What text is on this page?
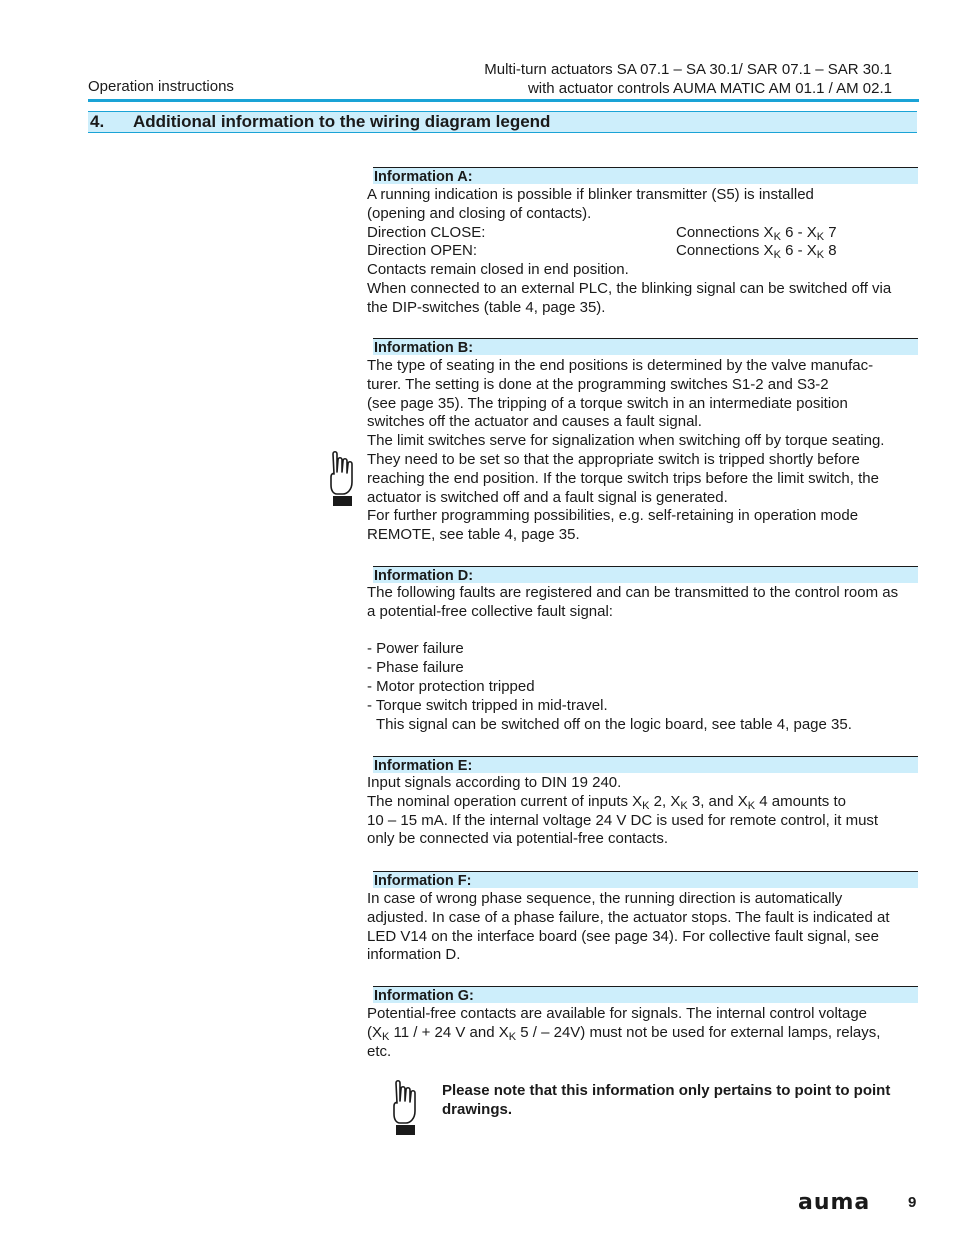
Operation instructions
Multi-turn actuators SA 07.1 – SA 30.1/ SAR 07.1 – SAR 30.1
with actuator controls AUMA MATIC AM 01.1 / AM 02.1
4. Additional information to the wiring diagram legend
Information A:

A running indication is possible if blinker transmitter (S5) is installed

(opening and closing of contacts).

Direction CLOSE:	Connections $X_K$ $6 - X_K$ 7
Direction OPEN:	Connections $X_K$ $6 - X_K$ 8

Contacts remain closed in end position.

When connected to an external PLC, the blinking signal can be switched off via

the DIP-switches (table 4, page 35).

Information B:

The type of seating in the end positions is determined by the valve manufac-

turer. The setting is done at the programming switches S1-2 and S3-2

(see page 35). The tripping of a torque switch in an intermediate position

switches off the actuator and causes a fault signal.

The limit switches serve for signalization when switching off by torque seating.

They need to be set so that the appropriate switch is tripped shortly before

reaching the end position. If the torque switch trips before the limit switch, the

actuator is switched off and a fault signal is generated.

For further programming possibilities, e.g. self-retaining in operation mode

REMOTE, see table 4, page 35.

Information D:

The following faults are registered and can be transmitted to the control room as

a potential-free collective fault signal:

- Power failure

- Phase failure

- Motor protection tripped

- Torque switch tripped in mid-travel.

This signal can be switched off on the logic board, see table 4, page 35.

Information E:

Input signals according to DIN 19 240.

The nominal operation current of inputs $X_K$ 2, $X_K$ 3, and $X_K$ 4 amounts to

10 – 15 mA. If the internal voltage 24 V DC is used for remote control, it must

only be connected via potential-free contacts.

Information F:

In case of wrong phase sequence, the running direction is automatically

adjusted. In case of a phase failure, the actuator stops. The fault is indicated at

LED V14 on the interface board (see page 34). For collective fault signal, see

information D.

Information G:

Potential-free contacts are available for signals. The internal control voltage

($X_K$ 11 / + 24 V and $X_K$ 5 / – 24V) must not be used for external lamps, relays,

etc.

Please note that this information only pertains to point to point
drawings.
auma	9
